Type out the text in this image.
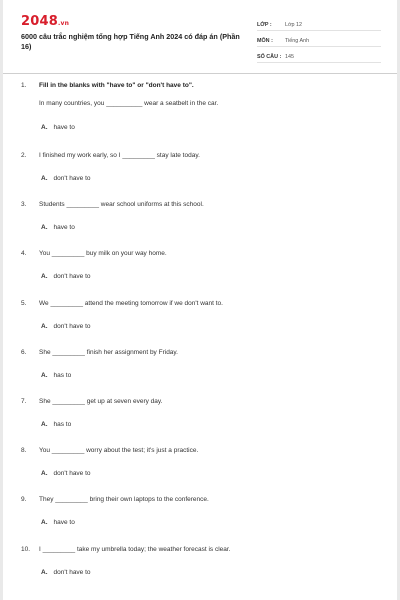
2048.vn
6000 câu trắc nghiệm tổng hợp Tiếng Anh 2024 có đáp án (Phần 16)
LỚP :	Lớp 12
MÔN :	Tiếng Anh
SỐ CÂU : 145
1. Fill in the blanks with "have to" or "don't have to".
In many countries, you __________ wear a seatbelt in the car.
A. have to
2. I finished my work early, so I _________ stay late today.
A. don't have to
3. Students _________ wear school uniforms at this school.
A. have to
4. You _________ buy milk on your way home.
A. don't have to
5. We _________ attend the meeting tomorrow if we don't want to.
A. don't have to
6. She _________ finish her assignment by Friday.
A. has to
7. She _________ get up at seven every day.
A. has to
8. You _________ worry about the test; it's just a practice.
A. don't have to
9. They _________ bring their own laptops to the conference.
A. have to
10. I _________ take my umbrella today; the weather forecast is clear.
A. don't have to
